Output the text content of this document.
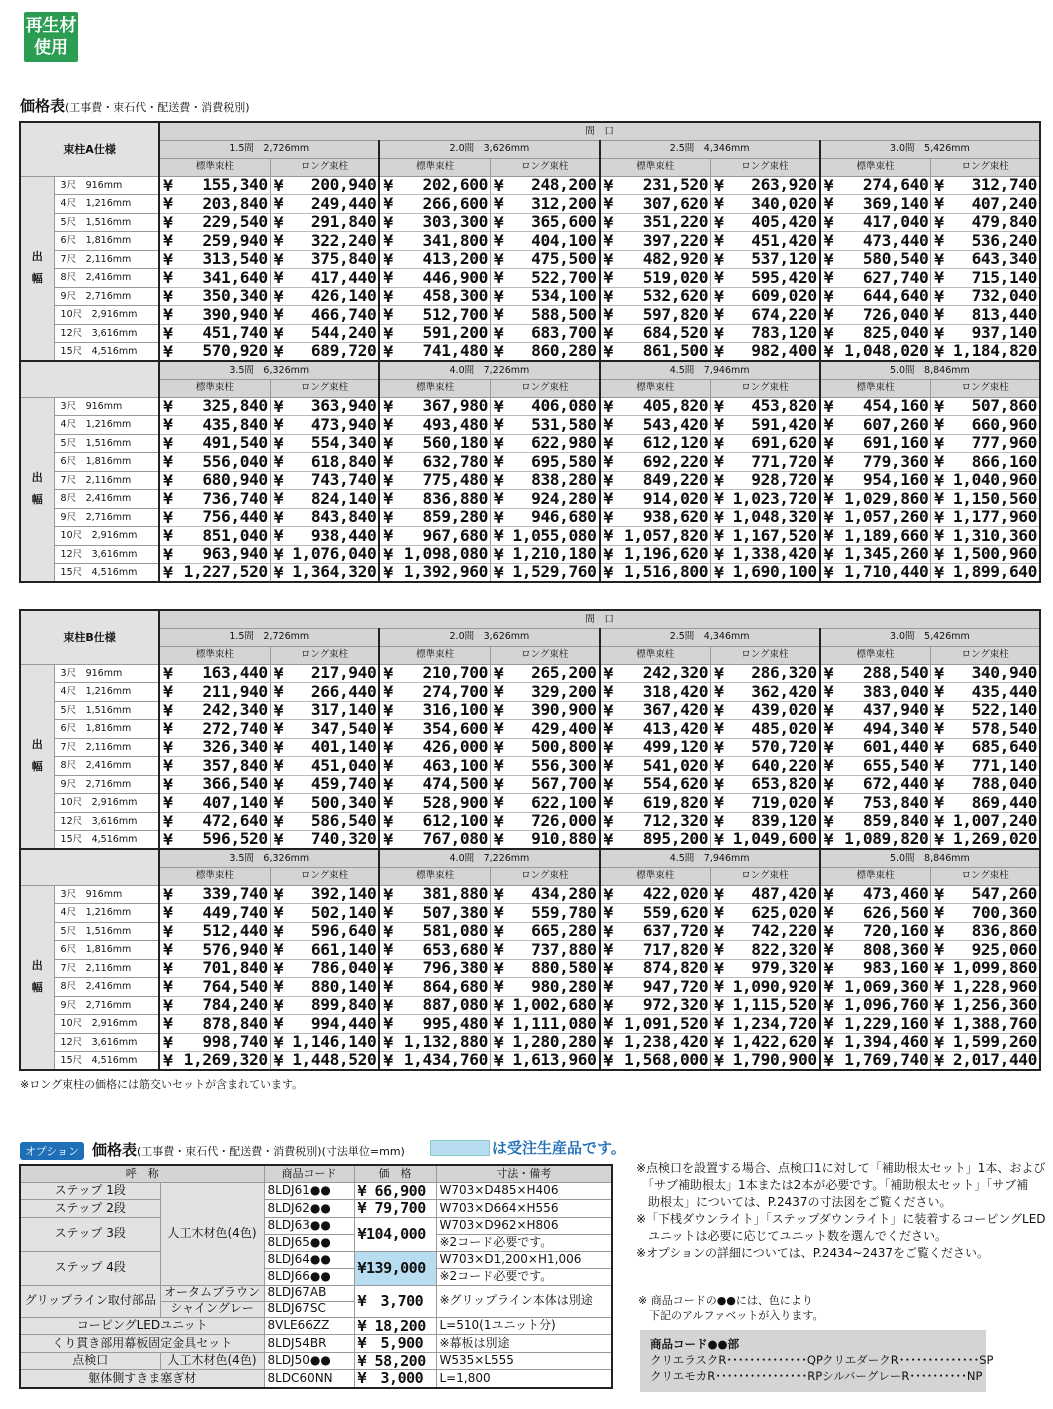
再生材
使用
価格表(工事費・束石代・配送費・消費税別)
束柱A仕様		間　口							
		1.5間　2,726mm		2.0間　3,626mm		2.5間　4,346mm		3.0間　5,426mm	
		標準束柱	ロング束柱	標準束柱	ロング束柱	標準束柱	ロング束柱	標準束柱	ロング束柱
出
幅	3尺　916mm	¥ 155,340	¥ 200,940	¥ 202,600	¥ 248,200	¥ 231,520	¥ 263,920	¥ 274,640	¥ 312,740
	4尺　1,216mm	¥ 203,840	¥ 249,440	¥ 266,600	¥ 312,200	¥ 307,620	¥ 340,020	¥ 369,140	¥ 407,240
	5尺　1,516mm	¥ 229,540	¥ 291,840	¥ 303,300	¥ 365,600	¥ 351,220	¥ 405,420	¥ 417,040	¥ 479,840
	6尺　1,816mm	¥ 259,940	¥ 322,240	¥ 341,800	¥ 404,100	¥ 397,220	¥ 451,420	¥ 473,440	¥ 536,240
	7尺　2,116mm	¥ 313,540	¥ 375,840	¥ 413,200	¥ 475,500	¥ 482,920	¥ 537,120	¥ 580,540	¥ 643,340
	8尺　2,416mm	¥ 341,640	¥ 417,440	¥ 446,900	¥ 522,700	¥ 519,020	¥ 595,420	¥ 627,740	¥ 715,140
	9尺　2,716mm	¥ 350,340	¥ 426,140	¥ 458,300	¥ 534,100	¥ 532,620	¥ 609,020	¥ 644,640	¥ 732,040
	10尺　2,916mm	¥ 390,940	¥ 466,740	¥ 512,700	¥ 588,500	¥ 597,820	¥ 674,220	¥ 726,040	¥ 813,440
	12尺　3,616mm	¥ 451,740	¥ 544,240	¥ 591,200	¥ 683,700	¥ 684,520	¥ 783,120	¥ 825,040	¥ 937,140
	15尺　4,516mm	¥ 570,920	¥ 689,720	¥ 741,480	¥ 860,280	¥ 861,500	¥ 982,400	¥ 1,048,020	¥ 1,184,820
		3.5間　6,326mm		4.0間　7,226mm		4.5間　7,946mm		5.0間　8,846mm	
		標準束柱	ロング束柱	標準束柱	ロング束柱	標準束柱	ロング束柱	標準束柱	ロング束柱
出
幅	3尺　916mm	¥ 325,840	¥ 363,940	¥ 367,980	¥ 406,080	¥ 405,820	¥ 453,820	¥ 454,160	¥ 507,860
	4尺　1,216mm	¥ 435,840	¥ 473,940	¥ 493,480	¥ 531,580	¥ 543,420	¥ 591,420	¥ 607,260	¥ 660,960
	5尺　1,516mm	¥ 491,540	¥ 554,340	¥ 560,180	¥ 622,980	¥ 612,120	¥ 691,620	¥ 691,160	¥ 777,960
	6尺　1,816mm	¥ 556,040	¥ 618,840	¥ 632,780	¥ 695,580	¥ 692,220	¥ 771,720	¥ 779,360	¥ 866,160
	7尺　2,116mm	¥ 680,940	¥ 743,740	¥ 775,480	¥ 838,280	¥ 849,220	¥ 928,720	¥ 954,160	¥ 1,040,960
	8尺　2,416mm	¥ 736,740	¥ 824,140	¥ 836,880	¥ 924,280	¥ 914,020	¥ 1,023,720	¥ 1,029,860	¥ 1,150,560
	9尺　2,716mm	¥ 756,440	¥ 843,840	¥ 859,280	¥ 946,680	¥ 938,620	¥ 1,048,320	¥ 1,057,260	¥ 1,177,960
	10尺　2,916mm	¥ 851,040	¥ 938,440	¥ 967,680	¥ 1,055,080	¥ 1,057,820	¥ 1,167,520	¥ 1,189,660	¥ 1,310,360
	12尺　3,616mm	¥ 963,940	¥ 1,076,040	¥ 1,098,080	¥ 1,210,180	¥ 1,196,620	¥ 1,338,420	¥ 1,345,260	¥ 1,500,960
	15尺　4,516mm	¥ 1,227,520	¥ 1,364,320	¥ 1,392,960	¥ 1,529,760	¥ 1,516,800	¥ 1,690,100	¥ 1,710,440	¥ 1,899,640
束柱B仕様		間　口							
		1.5間　2,726mm		2.0間　3,626mm		2.5間　4,346mm		3.0間　5,426mm	
		標準束柱	ロング束柱	標準束柱	ロング束柱	標準束柱	ロング束柱	標準束柱	ロング束柱
出
幅	3尺　916mm	¥ 163,440	¥ 217,940	¥ 210,700	¥ 265,200	¥ 242,320	¥ 286,320	¥ 288,540	¥ 340,940
	4尺　1,216mm	¥ 211,940	¥ 266,440	¥ 274,700	¥ 329,200	¥ 318,420	¥ 362,420	¥ 383,040	¥ 435,440
	5尺　1,516mm	¥ 242,340	¥ 317,140	¥ 316,100	¥ 390,900	¥ 367,420	¥ 439,020	¥ 437,940	¥ 522,140
	6尺　1,816mm	¥ 272,740	¥ 347,540	¥ 354,600	¥ 429,400	¥ 413,420	¥ 485,020	¥ 494,340	¥ 578,540
	7尺　2,116mm	¥ 326,340	¥ 401,140	¥ 426,000	¥ 500,800	¥ 499,120	¥ 570,720	¥ 601,440	¥ 685,640
	8尺　2,416mm	¥ 357,840	¥ 451,040	¥ 463,100	¥ 556,300	¥ 541,020	¥ 640,220	¥ 655,540	¥ 771,140
	9尺　2,716mm	¥ 366,540	¥ 459,740	¥ 474,500	¥ 567,700	¥ 554,620	¥ 653,820	¥ 672,440	¥ 788,040
	10尺　2,916mm	¥ 407,140	¥ 500,340	¥ 528,900	¥ 622,100	¥ 619,820	¥ 719,020	¥ 753,840	¥ 869,440
	12尺　3,616mm	¥ 472,640	¥ 586,540	¥ 612,100	¥ 726,000	¥ 712,320	¥ 839,120	¥ 859,840	¥ 1,007,240
	15尺　4,516mm	¥ 596,520	¥ 740,320	¥ 767,080	¥ 910,880	¥ 895,200	¥ 1,049,600	¥ 1,089,820	¥ 1,269,020
		3.5間　6,326mm		4.0間　7,226mm		4.5間　7,946mm		5.0間　8,846mm	
		標準束柱	ロング束柱	標準束柱	ロング束柱	標準束柱	ロング束柱	標準束柱	ロング束柱
出
幅	3尺　916mm	¥ 339,740	¥ 392,140	¥ 381,880	¥ 434,280	¥ 422,020	¥ 487,420	¥ 473,460	¥ 547,260
	4尺　1,216mm	¥ 449,740	¥ 502,140	¥ 507,380	¥ 559,780	¥ 559,620	¥ 625,020	¥ 626,560	¥ 700,360
	5尺　1,516mm	¥ 512,440	¥ 596,640	¥ 581,080	¥ 665,280	¥ 637,720	¥ 742,220	¥ 720,160	¥ 836,860
	6尺　1,816mm	¥ 576,940	¥ 661,140	¥ 653,680	¥ 737,880	¥ 717,820	¥ 822,320	¥ 808,360	¥ 925,060
	7尺　2,116mm	¥ 701,840	¥ 786,040	¥ 796,380	¥ 880,580	¥ 874,820	¥ 979,320	¥ 983,160	¥ 1,099,860
	8尺　2,416mm	¥ 764,540	¥ 880,140	¥ 864,680	¥ 980,280	¥ 947,720	¥ 1,090,920	¥ 1,069,360	¥ 1,228,960
	9尺　2,716mm	¥ 784,240	¥ 899,840	¥ 887,080	¥ 1,002,680	¥ 972,320	¥ 1,115,520	¥ 1,096,760	¥ 1,256,360
	10尺　2,916mm	¥ 878,840	¥ 994,440	¥ 995,480	¥ 1,111,080	¥ 1,091,520	¥ 1,234,720	¥ 1,229,160	¥ 1,388,760
	12尺　3,616mm	¥ 998,740	¥ 1,146,140	¥ 1,132,880	¥ 1,280,280	¥ 1,238,420	¥ 1,422,620	¥ 1,394,460	¥ 1,599,260
	15尺　4,516mm	¥ 1,269,320	¥ 1,448,520	¥ 1,434,760	¥ 1,613,960	¥ 1,568,000	¥ 1,790,900	¥ 1,769,740	¥ 2,017,440
※ロング束柱の価格には筋交いセットが含まれています。
オプション 価格表(工事費・束石代・配送費・消費税別)(寸法単位=mm)	は受注生産品です。
呼　称		商品コード	価　格	寸法・備考
ステップ 1段	人工木材色(4色)	8LDJ61●●	¥ 66,900	W703×D485×H406
ステップ 2段		8LDJ62●●	¥ 79,700	W703×D664×H556
ステップ 3段		8LDJ63●●	¥104,000	W703×D962×H806
		8LDJ65●●		※2コード必要です。
ステップ 4段		8LDJ64●●	¥139,000	W703×D1,200×H1,006
		8LDJ66●●		※2コード必要です。
グリップライン取付部品	オータムブラウン	8LDJ67AB	¥　3,700	※グリップライン本体は別途
	シャイングレー	8LDJ67SC		
コーピングLEDユニット		8VLE66ZZ	¥ 18,200	L=510(1ユニット分)
くり貫き部用幕板固定金具セット		8LDJ54BR	¥　5,900	※幕板は別途
点検口	人工木材色(4色)	8LDJ50●●	¥ 58,200	W535×L555
躯体側すきま塞ぎ材		8LDC60NN	¥　3,000	L=1,800
※点検口を設置する場合、点検口1に対して「補助根太セット」1本、および
　「サブ補助根太」1本または2本が必要です。「補助根太セット」「サブ補
　助根太」については、P.2437の寸法図をご覧ください。
※「下桟ダウンライト」「ステップダウンライト」に装着するコーピングLED
　ユニットは必要に応じてユニット数を選んでください。
※オプションの詳細については、P.2434~2437をご覧ください。
※ 商品コードの●●には、色により
　下記のアルファベットが入ります。
商品コード●●部
クリエラスクR･･････････････QPクリエダークR･･････････････SP
クリエモカR････････････････RPシルバーグレーR･･････････NP
